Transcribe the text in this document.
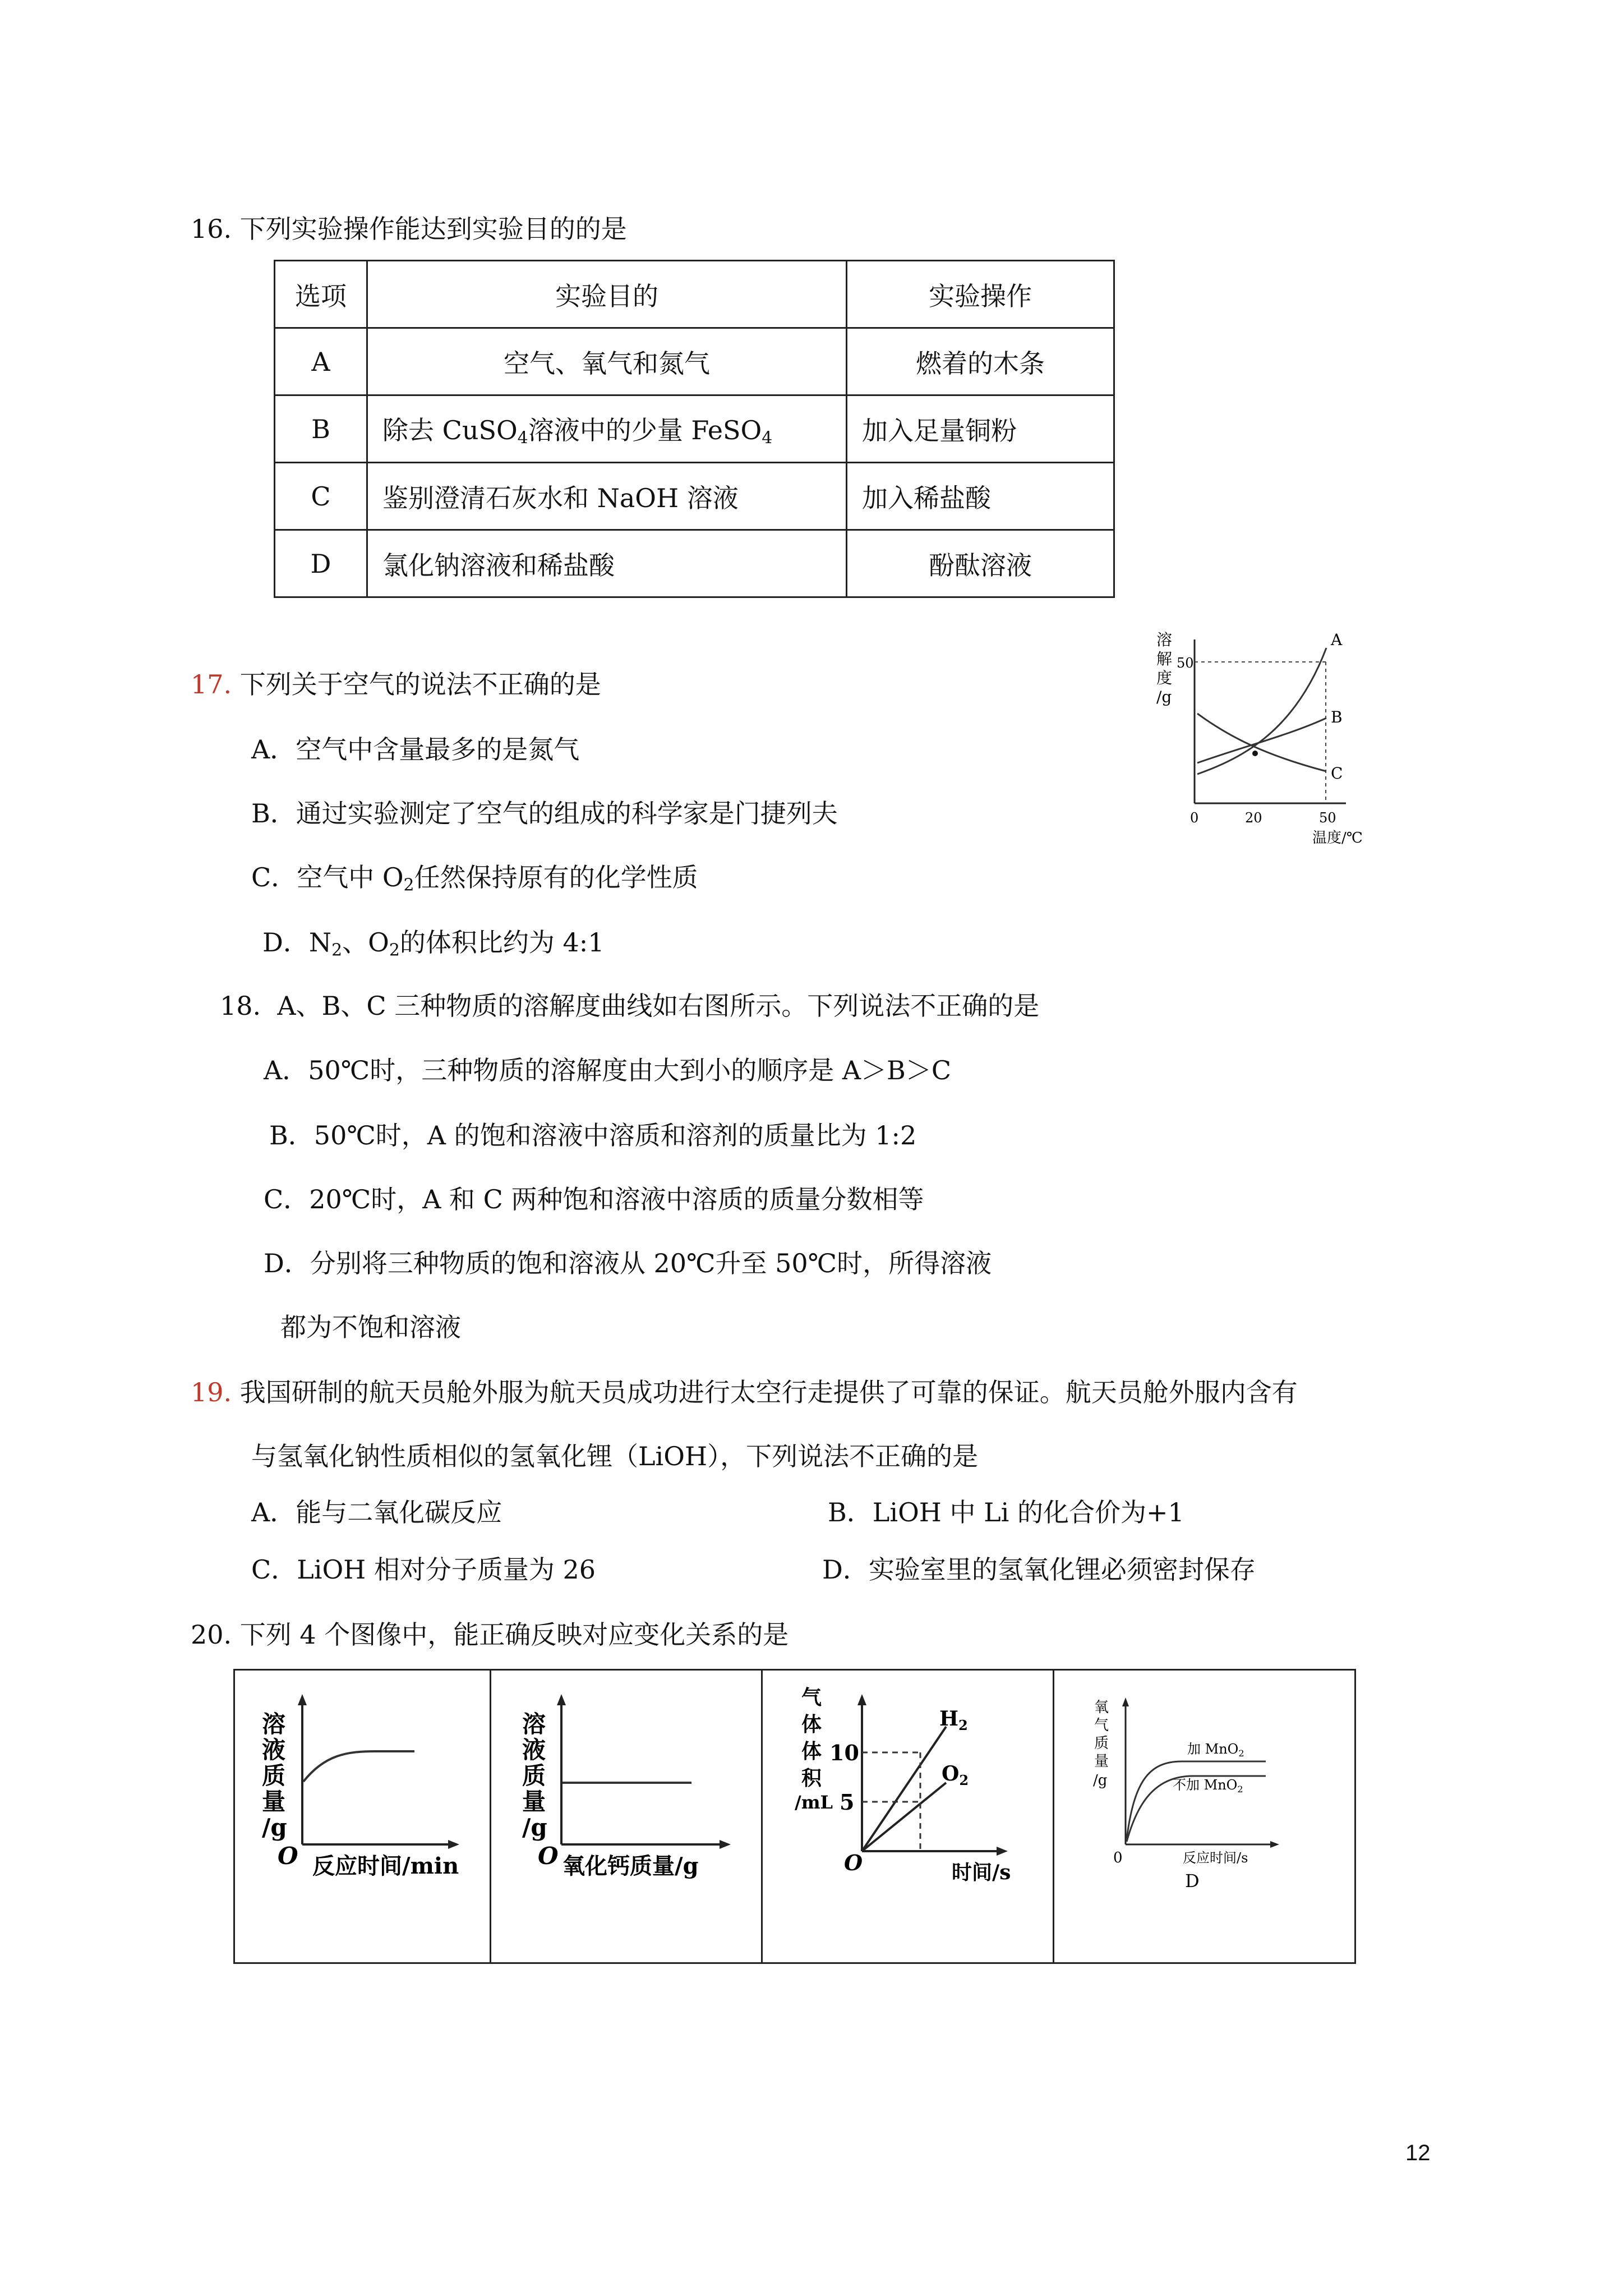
16. 下列实验操作能达到实验目的的是
选项	实验目的	实验操作
A	空气、氧气和氮气	燃着的木条
B	除去 CuSO$_4$溶液中的少量 FeSO$_4$	加入足量铜粉
C	鉴别澄清石灰水和 NaOH 溶液	加入稀盐酸
D	氯化钠溶液和稀盐酸	酚酞溶液
17. 下列关于空气的说法不正确的是
A．空气中含量最多的是氮气
B．通过实验测定了空气的组成的科学家是门捷列夫
C．空气中 $O_2$任然保持原有的化学性质
D．$N_2$、$O_2$的体积比约为 4:1
溶
解
度
/g
50
0	20	50
温度/℃
A
B
C
18. A、B、C 三种物质的溶解度曲线如右图所示。下列说法不正确的是
A．50℃时，三种物质的溶解度由大到小的顺序是 A＞B＞C
B．50℃时，A 的饱和溶液中溶质和溶剂的质量比为 1:2
C．20℃时，A 和 C 两种饱和溶液中溶质的质量分数相等
D．分别将三种物质的饱和溶液从 20℃升至 50℃时，所得溶液
都为不饱和溶液
19. 我国研制的航天员舱外服为航天员成功进行太空行走提供了可靠的保证。航天员舱外服内含有
与氢氧化钠性质相似的氢氧化锂（LiOH），下列说法不正确的是
A．能与二氧化碳反应	B．LiOH 中 Li 的化合价为+1
C．LiOH 相对分子质量为 26	D．实验室里的氢氧化锂必须密封保存
20. 下列 4 个图像中，能正确反映对应变化关系的是
溶
液
质
量
/g
O 反应时间/min
溶
液
质
量
/g
O 氧化钙质量/g
气
体
体
积
/mL
10
5
$H_2$
$O_2$
O	时间/s
氧
气
质
量
/g
加 MnO$_2$
不加 MnO$_2$
0	反应时间/s
D
12
